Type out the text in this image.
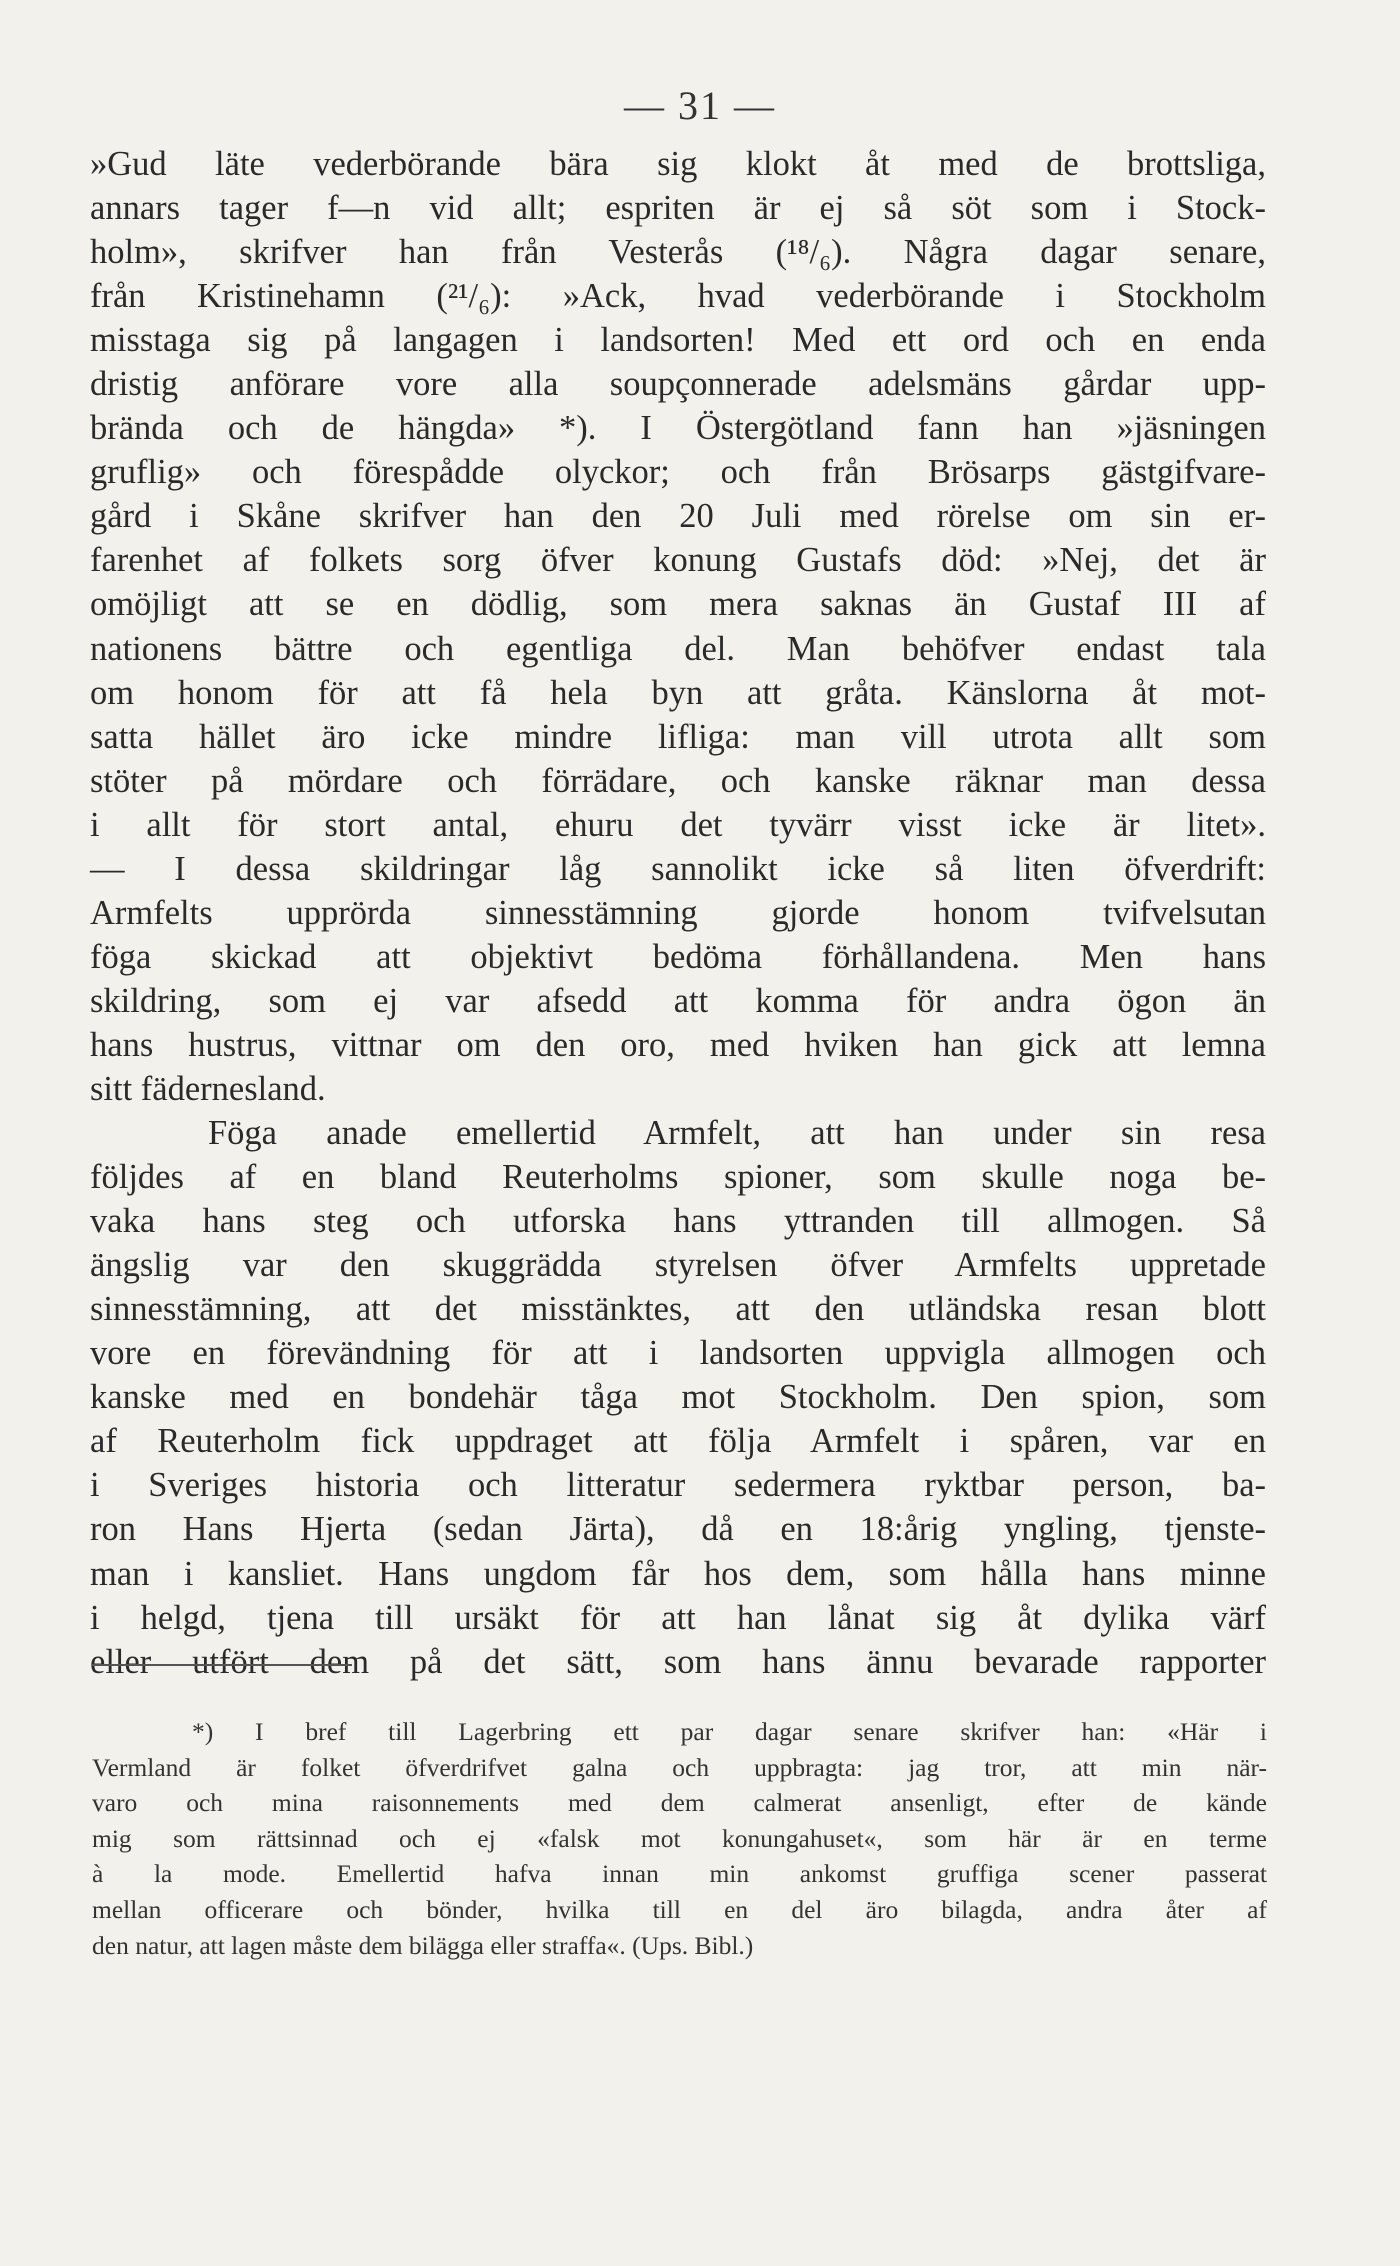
— 31 —
»Gud läte vederbörande bära sig klokt åt med de brottsliga,
annars tager f—n vid allt; espriten är ej så söt som i Stock-
holm», skrifver han från Vesterås (¹⁸/₆). Några dagar senare,
från Kristinehamn (²¹/₆): »Ack, hvad vederbörande i Stockholm
misstaga sig på langagen i landsorten! Med ett ord och en enda
dristig anförare vore alla soupçonnerade adelsmäns gårdar upp-
brända och de hängda» *). I Östergötland fann han »jäsningen
gruflig» och förespådde olyckor; och från Brösarps gästgifvare-
gård i Skåne skrifver han den 20 Juli med rörelse om sin er-
farenhet af folkets sorg öfver konung Gustafs död: »Nej, det är
omöjligt att se en dödlig, som mera saknas än Gustaf III af
nationens bättre och egentliga del. Man behöfver endast tala
om honom för att få hela byn att gråta. Känslorna åt mot-
satta hället äro icke mindre lifliga: man vill utrota allt som
stöter på mördare och förrädare, och kanske räknar man dessa
i allt för stort antal, ehuru det tyvärr visst icke är litet».
— I dessa skildringar låg sannolikt icke så liten öfverdrift:
Armfelts upprörda sinnesstämning gjorde honom tvifvelsutan
föga skickad att objektivt bedöma förhållandena. Men hans
skildring, som ej var afsedd att komma för andra ögon än
hans hustrus, vittnar om den oro, med hviken han gick att lemna
sitt fädernesland.
Föga anade emellertid Armfelt, att han under sin resa
följdes af en bland Reuterholms spioner, som skulle noga be-
vaka hans steg och utforska hans yttranden till allmogen. Så
ängslig var den skuggrädda styrelsen öfver Armfelts uppretade
sinnesstämning, att det misstänktes, att den utländska resan blott
vore en förevändning för att i landsorten uppvigla allmogen och
kanske med en bondehär tåga mot Stockholm. Den spion, som
af Reuterholm fick uppdraget att följa Armfelt i spåren, var en
i Sveriges historia och litteratur sedermera ryktbar person, ba-
ron Hans Hjerta (sedan Järta), då en 18:årig yngling, tjenste-
man i kansliet. Hans ungdom får hos dem, som hålla hans minne
i helgd, tjena till ursäkt för att han lånat sig åt dylika värf
eller utfört dem på det sätt, som hans ännu bevarade rapporter
*) I bref till Lagerbring ett par dagar senare skrifver han: «Här i
Vermland är folket öfverdrifvet galna och uppbragta: jag tror, att min när-
varo och mina raisonnements med dem calmerat ansenligt, efter de kände
mig som rättsinnad och ej «falsk mot konungahuset«, som här är en terme
à la mode. Emellertid hafva innan min ankomst gruffiga scener passerat
mellan officerare och bönder, hvilka till en del äro bilagda, andra åter af
den natur, att lagen måste dem bilägga eller straffa«. (Ups. Bibl.)
